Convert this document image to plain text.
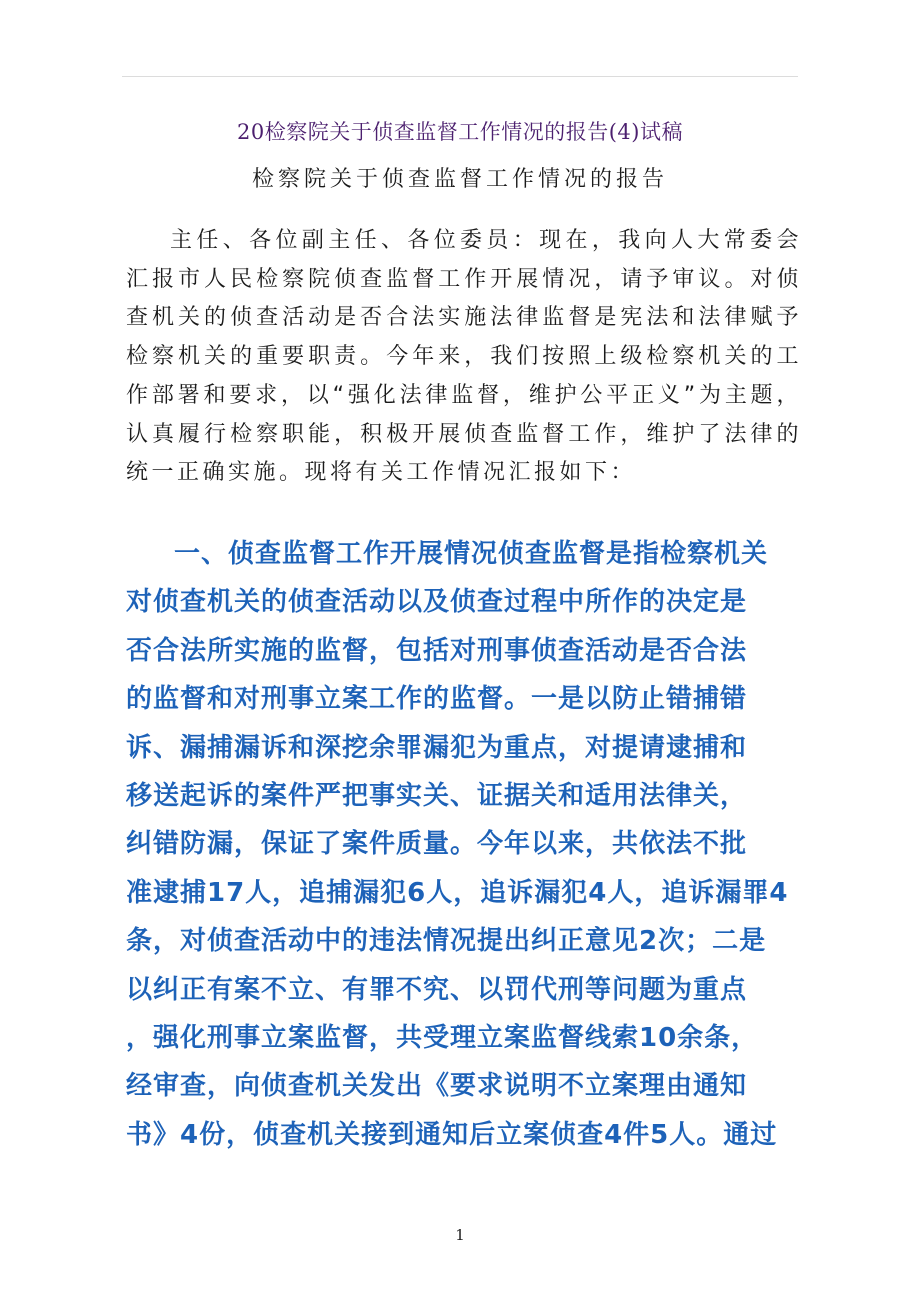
20检察院关于侦查监督工作情况的报告(4)试稿
检察院关于侦查监督工作情况的报告

主任、各位副主任、各位委员：现在，我向人大常委会汇报市人民检察院侦查监督工作开展情况，请予审议。对侦查机关的侦查活动是否合法实施法律监督是宪法和法律赋予检察机关的重要职责。今年来，我们按照上级检察机关的工作部署和要求，以“强化法律监督，维护公平正义”为主题，认真履行检察职能，积极开展侦查监督工作，维护了法律的统一正确实施。现将有关工作情况汇报如下：

一、侦查监督工作开展情况侦查监督是指检察机关
对侦查机关的侦查活动以及侦查过程中所作的决定是
否合法所实施的监督，包括对刑事侦查活动是否合法
的监督和对刑事立案工作的监督。一是以防止错捕错
诉、漏捕漏诉和深挖余罪漏犯为重点，对提请逮捕和
移送起诉的案件严把事实关、证据关和适用法律关，
纠错防漏，保证了案件质量。今年以来，共依法不批
准逮捕17人，追捕漏犯6人，追诉漏犯4人，追诉漏罪4
条，对侦查活动中的违法情况提出纠正意见2次；二是
以纠正有案不立、有罪不究、以罚代刑等问题为重点
，强化刑事立案监督，共受理立案监督线索10余条，
经审查，向侦查机关发出《要求说明不立案理由通知
书》4份，侦查机关接到通知后立案侦查4件5人。通过
1
